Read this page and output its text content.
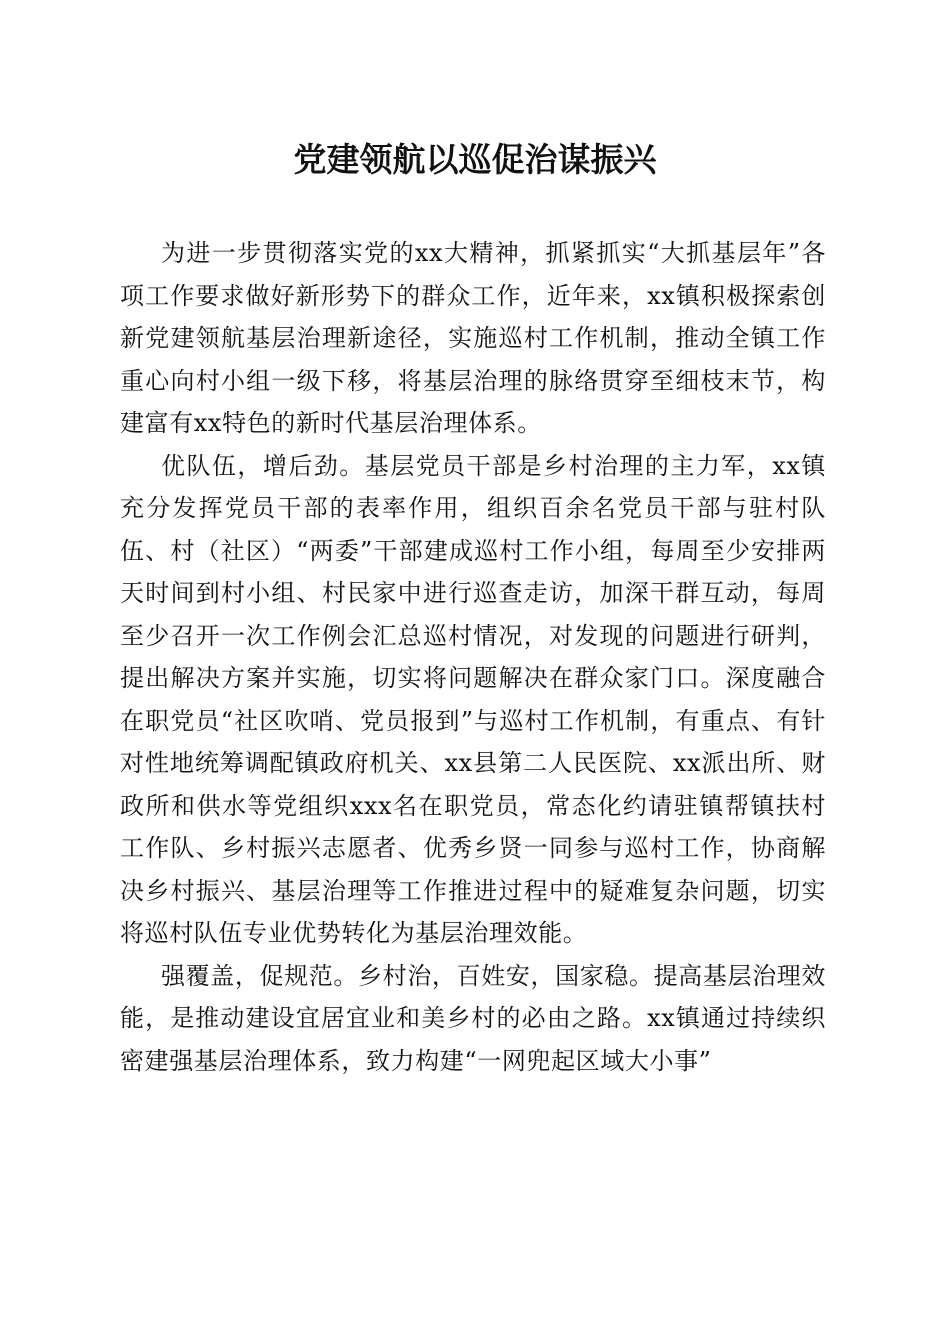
党建领航以巡促治谋振兴

为进一步贯彻落实党的xx大精神，抓紧抓实“大抓基层年”各项工作要求做好新形势下的群众工作，近年来，xx镇积极探索创新党建领航基层治理新途径，实施巡村工作机制，推动全镇工作重心向村小组一级下移，将基层治理的脉络贯穿至细枝末节，构建富有xx特色的新时代基层治理体系。

优队伍，增后劲。基层党员干部是乡村治理的主力军，xx镇充分发挥党员干部的表率作用，组织百余名党员干部与驻村队伍、村（社区）“两委”干部建成巡村工作小组，每周至少安排两天时间到村小组、村民家中进行巡查走访，加深干群互动，每周至少召开一次工作例会汇总巡村情况，对发现的问题进行研判，提出解决方案并实施，切实将问题解决在群众家门口。深度融合在职党员“社区吹哨、党员报到”与巡村工作机制，有重点、有针对性地统筹调配镇政府机关、xx县第二人民医院、xx派出所、财政所和供水等党组织xxx名在职党员，常态化约请驻镇帮镇扶村工作队、乡村振兴志愿者、优秀乡贤一同参与巡村工作，协商解决乡村振兴、基层治理等工作推进过程中的疑难复杂问题，切实将巡村队伍专业优势转化为基层治理效能。

强覆盖，促规范。乡村治，百姓安，国家稳。提高基层治理效能，是推动建设宜居宜业和美乡村的必由之路。xx镇通过持续织密建强基层治理体系，致力构建“一网兜起区域大小事”
